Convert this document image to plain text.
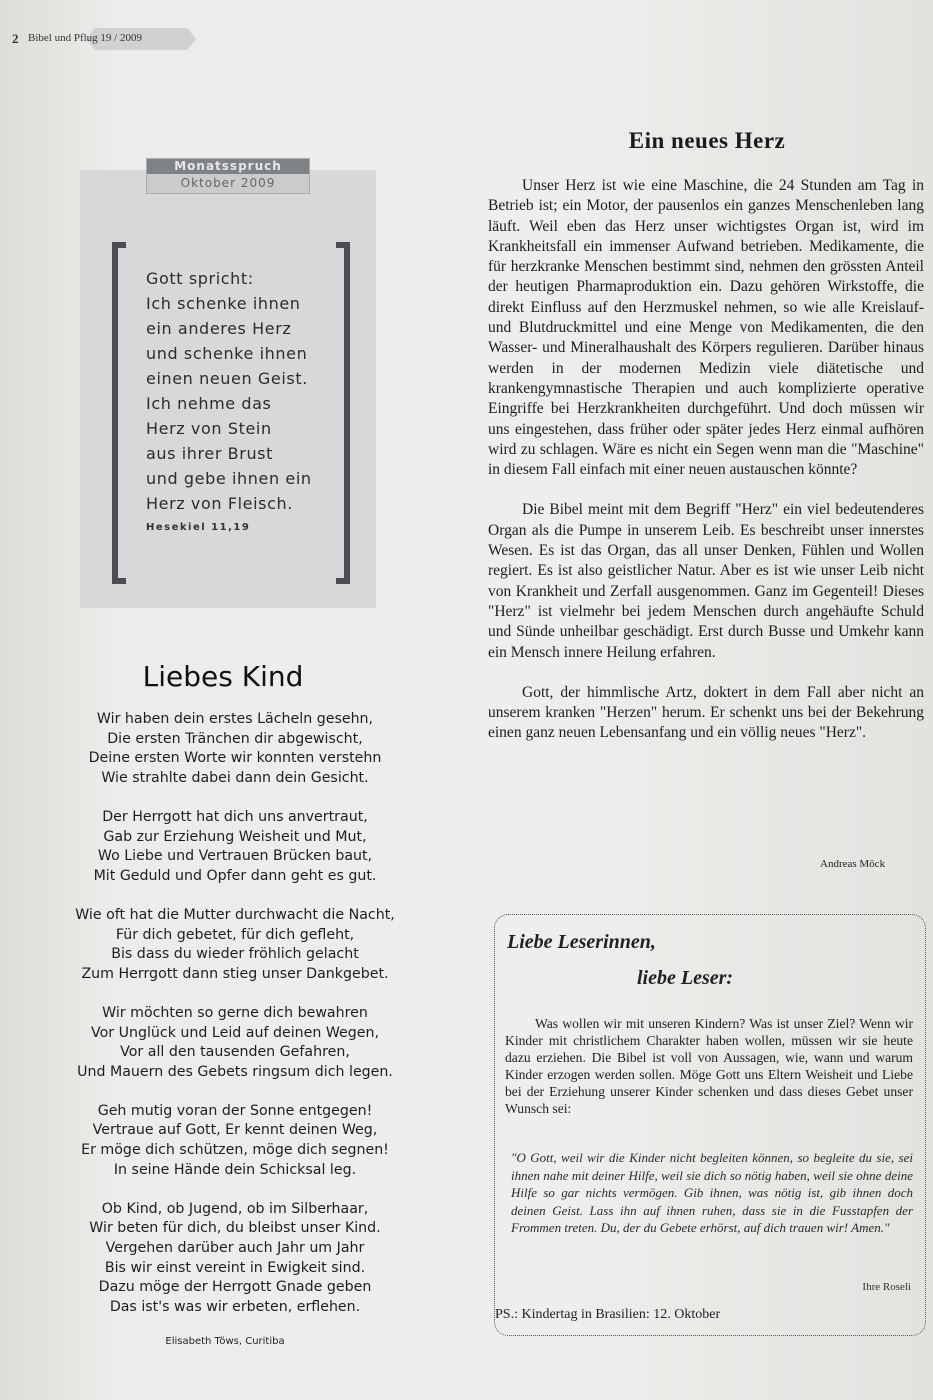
2 Bibel und Pflug 19 / 2009
Monatsspruch
Oktober 2009
Gott spricht:
Ich schenke ihnen
ein anderes Herz
und schenke ihnen
einen neuen Geist.
Ich nehme das
Herz von Stein
aus ihrer Brust
und gebe ihnen ein
Herz von Fleisch.
Hesekiel 11,19
Liebes Kind
Wir haben dein erstes Lächeln gesehn,
Die ersten Tränchen dir abgewischt,
Deine ersten Worte wir konnten verstehn
Wie strahlte dabei dann dein Gesicht.
Der Herrgott hat dich uns anvertraut,
Gab zur Erziehung Weisheit und Mut,
Wo Liebe und Vertrauen Brücken baut,
Mit Geduld und Opfer dann geht es gut.
Wie oft hat die Mutter durchwacht die Nacht,
Für dich gebetet, für dich gefleht,
Bis dass du wieder fröhlich gelacht
Zum Herrgott dann stieg unser Dankgebet.
Wir möchten so gerne dich bewahren
Vor Unglück und Leid auf deinen Wegen,
Vor all den tausenden Gefahren,
Und Mauern des Gebets ringsum dich legen.
Geh mutig voran der Sonne entgegen!
Vertraue auf Gott, Er kennt deinen Weg,
Er möge dich schützen, möge dich segnen!
In seine Hände dein Schicksal leg.
Ob Kind, ob Jugend, ob im Silberhaar,
Wir beten für dich, du bleibst unser Kind.
Vergehen darüber auch Jahr um Jahr
Bis wir einst vereint in Ewigkeit sind.
Dazu möge der Herrgott Gnade geben
Das ist's was wir erbeten, erflehen.
Elisabeth Töws, Curitiba
Ein neues Herz

Unser Herz ist wie eine Maschine, die 24 Stunden am Tag in Betrieb ist; ein Motor, der pausenlos ein ganzes Menschenleben lang läuft. Weil eben das Herz unser wichtigstes Organ ist, wird im Krankheitsfall ein immenser Aufwand betrieben. Medikamente, die für herzkranke Menschen bestimmt sind, nehmen den grössten Anteil der heutigen Pharmaproduktion ein. Dazu gehören Wirkstoffe, die direkt Einfluss auf den Herzmuskel nehmen, so wie alle Kreislauf- und Blutdruckmittel und eine Menge von Medikamenten, die den Wasser- und Mineralhaushalt des Körpers regulieren. Darüber hinaus werden in der modernen Medizin viele diätetische und krankengymnastische Therapien und auch komplizierte operative Eingriffe bei Herzkrankheiten durchgeführt. Und doch müssen wir uns eingestehen, dass früher oder später jedes Herz einmal aufhören wird zu schlagen. Wäre es nicht ein Segen wenn man die "Maschine" in diesem Fall einfach mit einer neuen austauschen könnte?

Die Bibel meint mit dem Begriff "Herz" ein viel bedeutenderes Organ als die Pumpe in unserem Leib. Es beschreibt unser innerstes Wesen. Es ist das Organ, das all unser Denken, Fühlen und Wollen regiert. Es ist also geistlicher Natur. Aber es ist wie unser Leib nicht von Krankheit und Zerfall ausgenommen. Ganz im Gegenteil! Dieses "Herz" ist vielmehr bei jedem Menschen durch angehäufte Schuld und Sünde unheilbar geschädigt. Erst durch Busse und Umkehr kann ein Mensch innere Heilung erfahren.

Gott, der himmlische Artz, doktert in dem Fall aber nicht an unserem kranken "Herzen" herum. Er schenkt uns bei der Bekehrung einen ganz neuen Lebensanfang und ein völlig neues "Herz".

Andreas Möck
Liebe Leserinnen,
liebe Leser:

Was wollen wir mit unseren Kindern? Was ist unser Ziel? Wenn wir Kinder mit christlichem Charakter haben wollen, müssen wir sie heute dazu erziehen. Die Bibel ist voll von Aussagen, wie, wann und warum Kinder erzogen werden sollen. Möge Gott uns Eltern Weisheit und Liebe bei der Erziehung unserer Kinder schenken und dass dieses Gebet unser Wunsch sei:

"O Gott, weil wir die Kinder nicht begleiten können, so begleite du sie, sei ihnen nahe mit deiner Hilfe, weil sie dich so nötig haben, weil sie ohne deine Hilfe so gar nichts vermögen. Gib ihnen, was nötig ist, gib ihnen doch deinen Geist. Lass ihn auf ihnen ruhen, dass sie in die Fusstapfen der Frommen treten. Du, der du Gebete erhörst, auf dich trauen wir! Amen."
Ihre Roseli
PS.: Kindertag in Brasilien: 12. Oktober
